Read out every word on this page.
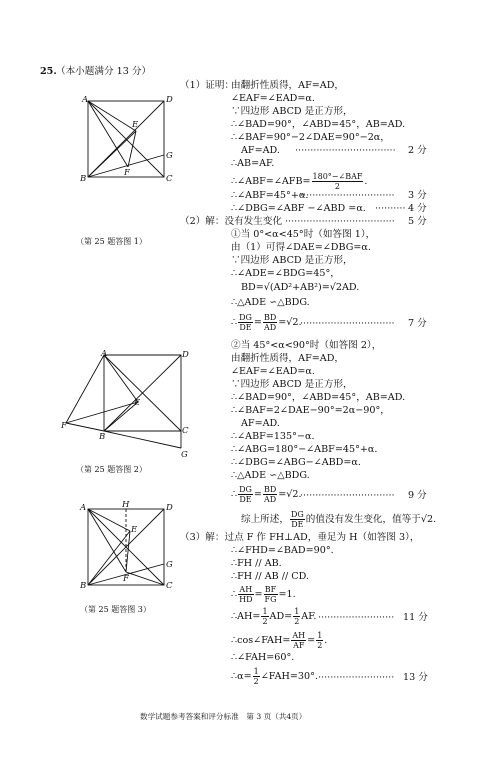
25. （本小题满分 13 分）
（1）证明：
由翻折性质得，AF=AD，
∠EAF=∠EAD=α.
∵四边形 ABCD 是正方形，
∴∠BAD=90°，∠ABD=45°，AB=AD.
∴∠BAF=90°−2∠DAE=90°−2α，
AF=AD. ································· 2 分
∴AB=AF.
∴∠ABF=∠AFB= $\frac{\text{180°−∠BAF}}{2}$ .
∴∠ABF=45°+α.
······························· 3 分
∴∠DBG=∠ABF −∠ABD =α. ·········· 4 分
（2）解：没有发生变化 ···································· 5 分
①当 0°<α<45°时（如答图 1），
由（1）可得∠DAE=∠DBG=α.
∵四边形 ABCD 是正方形，
∴∠ADE=∠BDG=45°，
BD=√(AD²+AB²)=√2AD.
∴△ADE ∽△BDG.
∴ $\frac{DG}{DE} = \frac{BD}{AD} =√2$.
······························· 7 分
②当 45°<α<90°时（如答图 2），
由翻折性质得，AF=AD，
∠EAF=∠EAD=α.
∵四边形 ABCD 是正方形，
∴∠BAD=90°，∠ABD=45°，AB=AD.
∴∠BAF=2∠DAE−90°=2α−90°，
AF=AD.
∴∠ABF=135°−α.
∴∠ABG=180°−∠ABF=45°+α.
∴∠DBG=∠ABG−∠ABD=α.
∴△ADE ∽△BDG.
∴ $\frac{DG}{DE} = \frac{BD}{AD} =√2$.
······························· 9 分
综上所述， $\frac{DG}{DE}$ 的值没有发生变化，值等于√2.
（3）解：过点 F 作 FH⊥AD，垂足为 H（如答图 3），
∴∠FHD=∠BAD=90°.
∴FH // AB.
∴FH // AB // CD.
∴ $\frac{AH}{HD} = \frac{BF}{FG} =1$.
∴AH= $\frac{1}{2} AD= \frac{1}{2}$ AF. ························· 11 分
∴cos∠FAH= $\frac{AH}{AF} = \frac{1}{2}$ .
∴∠FAH=60°.
∴α= $\frac{1}{2}$ ∠FAH=30°. ························· 13 分
A	D
E
G
B
F
C
（第 25 题答图 1）
A	D
E
F
B
C
G
（第 25 题答图 2）
A	H	D
E
G
B
F
C
（第 25 题答图 3）
数学试题参考答案和评分标准　第 3 页（共4页）
